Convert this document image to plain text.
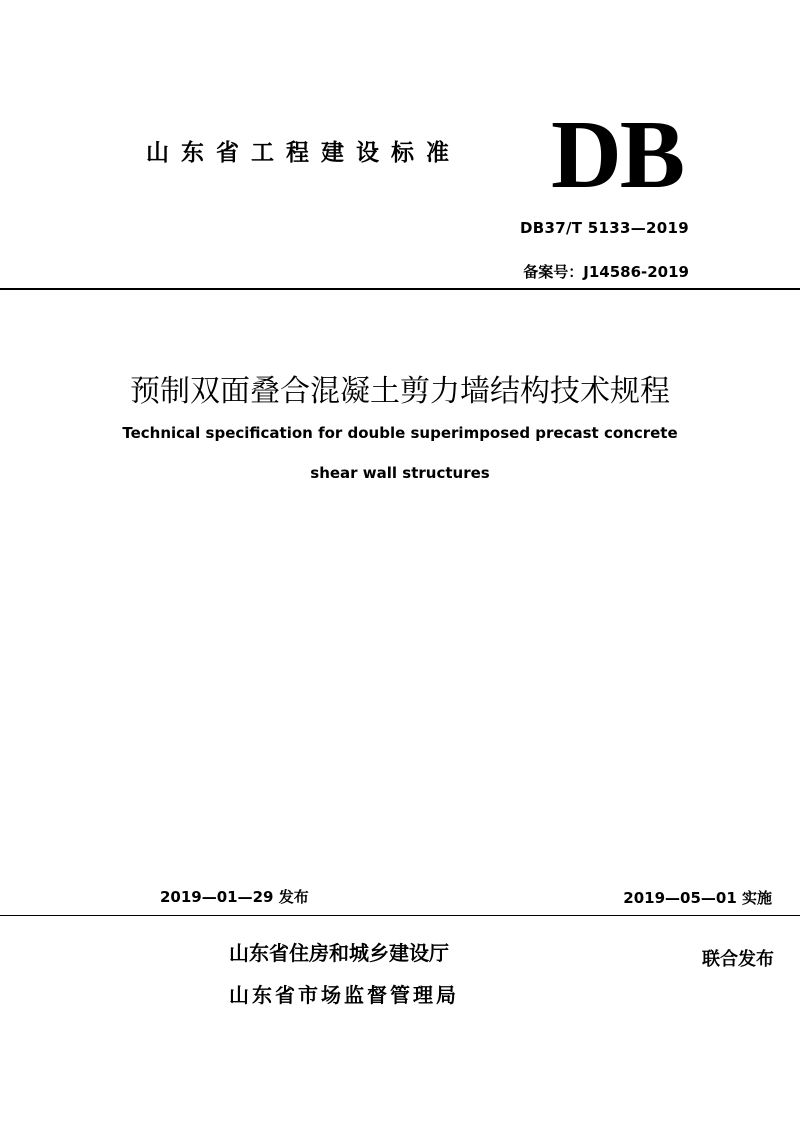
山东省工程建设标准 DB
DB37/T 5133—2019
备案号：J14586-2019
预制双面叠合混凝土剪力墙结构技术规程
Technical specification for double superimposed precast concrete
shear wall structures
2019—01—29 发布	2019—05—01 实施
山东省住房和城乡建设厅
山东省市场监督管理局
联合发布
